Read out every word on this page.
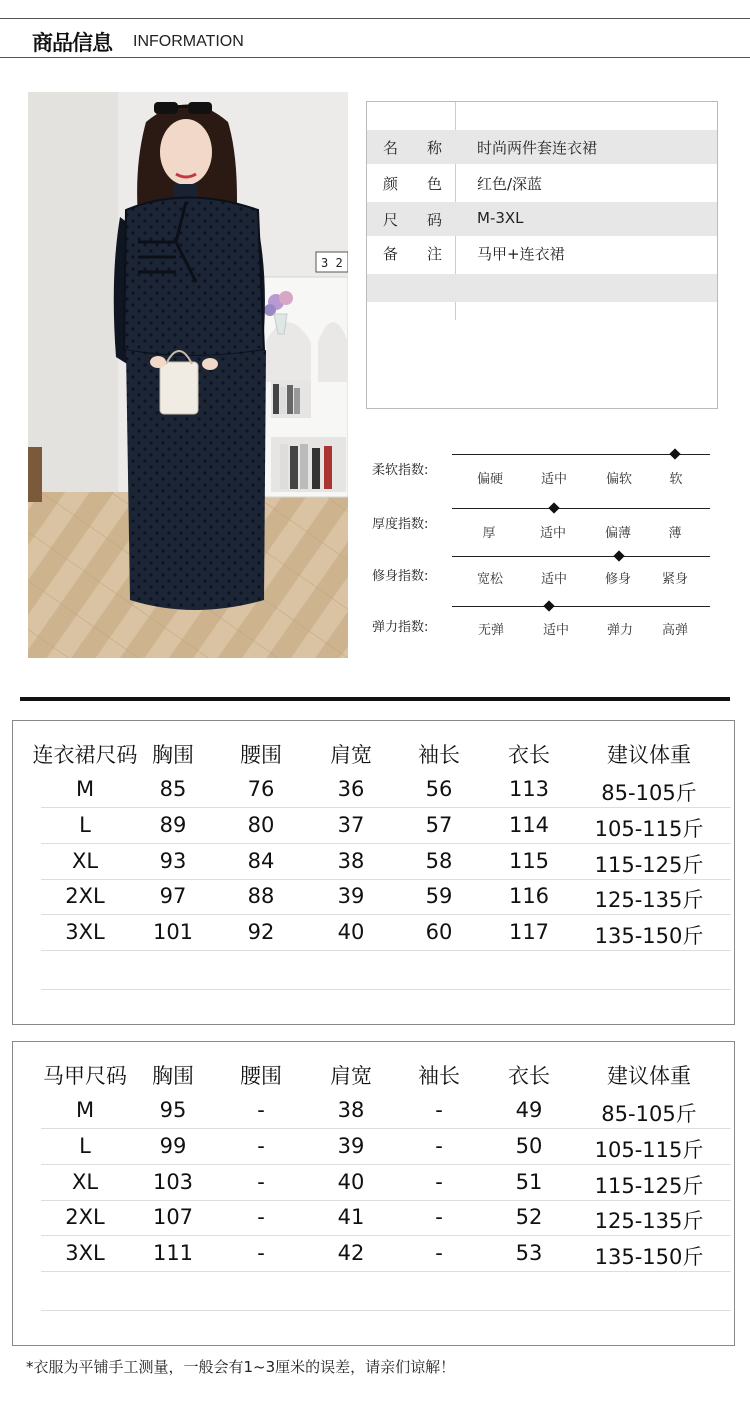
商品信息 INFORMATION
3 2
名 称 时尚两件套连衣裙
颜 色 红色/深蓝
尺 码 M-3XL
备 注 马甲+连衣裙
柔软指数:
偏硬	适中	偏软	软
厚度指数:
厚	适中	偏薄	薄
修身指数:	宽松	适中	修身	紧身
弹力指数:	无弹	适中	弹力	高弹
连衣裙尺码 胸围	腰围	肩宽	袖长	衣长	建议体重
M	85	76	36	56	113	85-105斤
L	89	80	37	57	114	105-115斤
XL	93	84	38	58	115	115-125斤
2XL	97	88	39	59	116	125-135斤
3XL	101	92	40	60	117	135-150斤
马甲尺码	胸围	腰围	肩宽	袖长	衣长	建议体重
M	95	-	38	-	49	85-105斤
L	99	-	39	-	50	105-115斤
XL	103	-	40	-	51	115-125斤
2XL	107	-	41	-	52	125-135斤
3XL	111	-	42	-	53	135-150斤
*衣服为平铺手工测量，一般会有1~3厘米的误差，请亲们谅解！
